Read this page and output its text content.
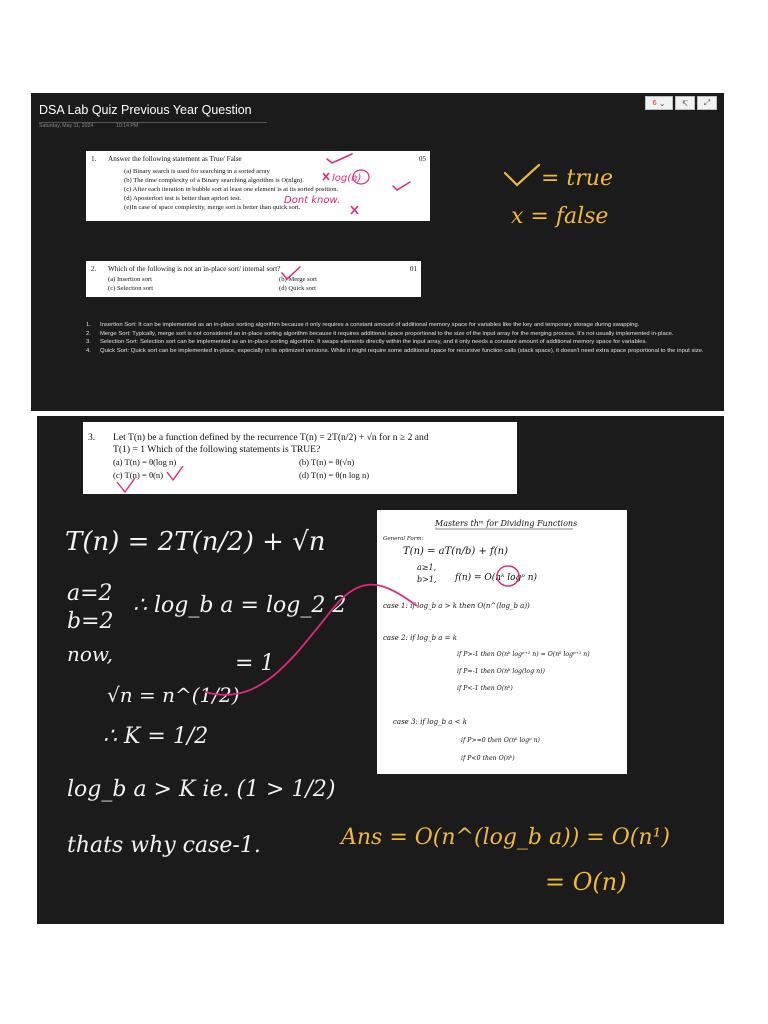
DSA Lab Quiz Previous Year Question
Saturday, May 11, 2024	10:14 PM
6 ⌄ ↸ ⤢
1. Answer the following statement as True/ False	05
(a) Binary search is used for searching in a sorted array
(b) The time complexity of a Binary searching algorithm is O(nlgn).
(c) After each iteration in bubble sort at least one element is at its sorted position.
(d) Aposteriori test is better than apriori test.
(e)In case of space complexity, merge sort is better than quick sort.
2. Which of the following is not an in-place sort/ internal sort?	01
(a) Insertion sort	(b) Merge sort
(c) Selection sort	(d) Quick sort
1. Insertion Sort: It can be implemented as an in-place sorting algorithm because it only requires a constant amount of additional memory space for variables like the key and temporary storage during swapping.
2. Merge Sort: Typically, merge sort is not considered an in-place sorting algorithm because it requires additional space proportional to the size of the input array for the merging process. It's not usually implemented in-place.
3. Selection Sort: Selection sort can be implemented as an in-place sorting algorithm. It swaps elements directly within the input array, and it only needs a constant amount of additional memory space for variables.
4. Quick Sort: Quick sort can be implemented in-place, especially in its optimized versions. While it might require some additional space for recursive function calls (stack space), it doesn't need extra space proportional to the input size.
log(n)
Dont know.
= true
x = false
3. Let T(n) be a function defined by the recurrence T(n) = 2T(n/2) + √n for n ≥ 2 and
T(1) = 1 Which of the following statements is TRUE?
(a) T(n) = θ(log n)	(b) T(n) = θ(√n)
(c) T(n) = θ(n)	(d) T(n) = θ(n log n)
Masters thᵐ for Dividing Functions
General Form:
T(n) = aT(n/b) + f(n)
a≥1,
b>1, f(n) = O(nᵏ logᵖ n)
case 1: if log_b a > k then O(n^(log_b a))
case 2: if log_b a = k
if P>-1 then O(nᵏ logᵖ⁺¹ n) = O(nᵏ logᵖ⁺¹ n)
if P=-1 then O(nᵏ log(log n))
if P<-1 then O(nᵏ)
case 3: if log_b a < k
if P>=0 then O(nᵏ logᵖ n)
if P<0 then O(nᵏ)
T(n) = 2T(n/2) + √n
a=2
b=2
∴ log_b a = log_2 2
= 1
now,
√n = n^(1/2)
∴ K = 1/2
log_b a > K ie. (1 > 1/2)
thats why case-1.	Ans = O(n^(log_b a)) = O(n¹)
= O(n)
